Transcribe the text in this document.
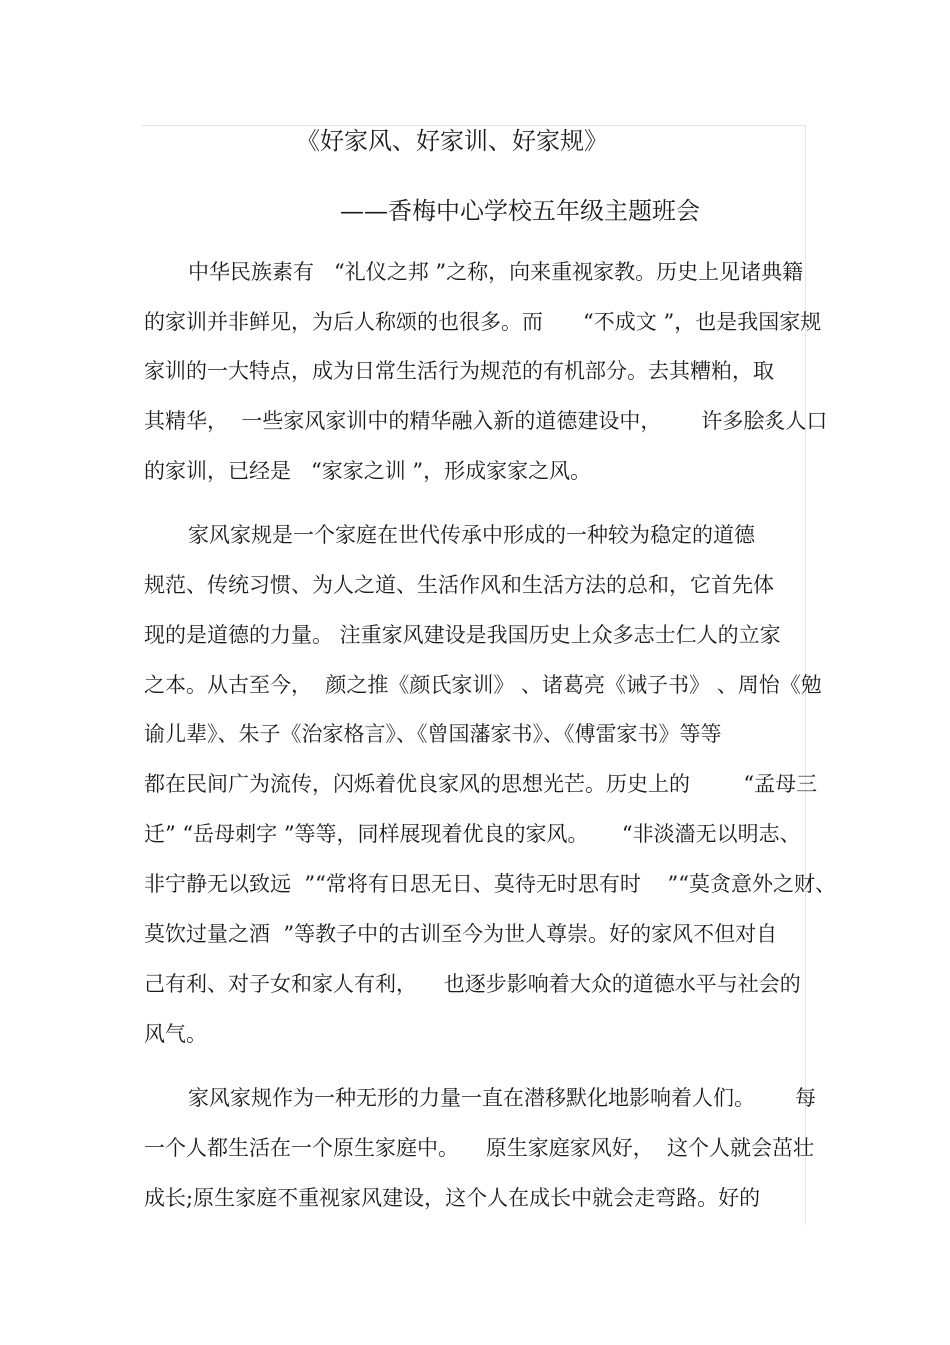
《好家风、好家训、好家规》
——香梅中心学校五年级主题班会
中华民族素有   “礼仪之邦 ”之称，向来重视家教。历史上见诸典籍
的家训并非鲜见，为后人称颂的也很多。而      “不成文 ”，也是我国家规
家训的一大特点，成为日常生活行为规范的有机部分。去其糟粕，取
其精华，  一些家风家训中的精华融入新的道德建设中，      许多脍炙人口
的家训，已经是   “家家之训 ”，形成家家之风。
家风家规是一个家庭在世代传承中形成的一种较为稳定的道德
规范、传统习惯、为人之道、生活作风和生活方法的总和，它首先体
现的是道德的力量。 注重家风建设是我国历史上众多志士仁人的立家
之本。从古至今，  颜之推《颜氏家训》 、诸葛亮《诫子书》 、周怡《勉
谕儿辈》、朱子《治家格言》、《曾国藩家书》、《傅雷家书》等等
都在民间广为流传，闪烁着优良家风的思想光芒。历史上的        “孟母三
迁” “岳母刺字 ”等等，同样展现着优良的家风。     “非淡濇无以明志、
非宁静无以致远  ”“常将有日思无日、莫待无时思有时    ”“莫贪意外之财、
莫饮过量之酒  ”等教子中的古训至今为世人尊崇。好的家风不但对自
己有利、对子女和家人有利，    也逐步影响着大众的道德水平与社会的
风气。
家风家规作为一种无形的力量一直在潜移默化地影响着人们。      每
一个人都生活在一个原生家庭中。    原生家庭家风好，  这个人就会茁壮
成长;原生家庭不重视家风建设，这个人在成长中就会走弯路。好的
